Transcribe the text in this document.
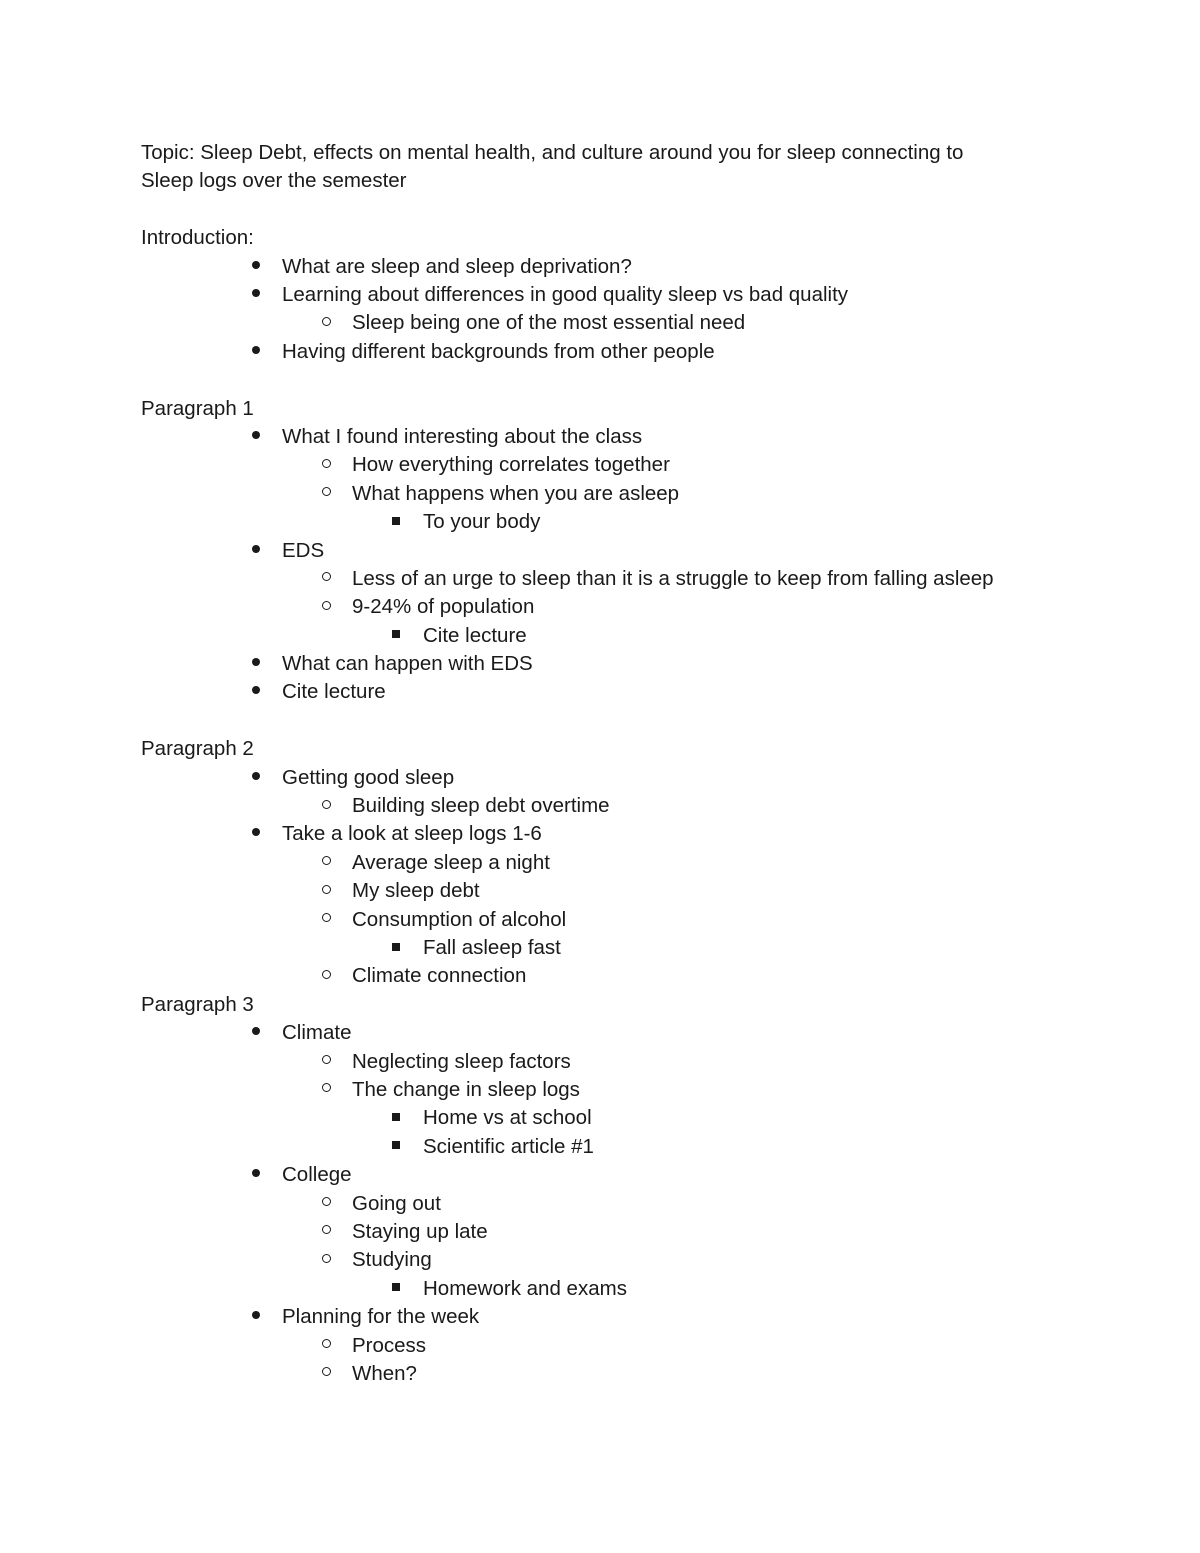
Topic: Sleep Debt, effects on mental health, and culture around you for sleep connecting to

Sleep logs over the semester

Introduction:

What are sleep and sleep deprivation?
Learning about differences in good quality sleep vs bad quality
Sleep being one of the most essential need
Having different backgrounds from other people

Paragraph 1

What I found interesting about the class
How everything correlates together
What happens when you are asleep
To your body
EDS
Less of an urge to sleep than it is a struggle to keep from falling asleep
9-24% of population
Cite lecture
What can happen with EDS
Cite lecture

Paragraph 2

Getting good sleep
Building sleep debt overtime
Take a look at sleep logs 1-6
Average sleep a night
My sleep debt
Consumption of alcohol
Fall asleep fast
Climate connection

Paragraph 3

Climate
Neglecting sleep factors
The change in sleep logs
Home vs at school
Scientific article #1
College
Going out
Staying up late
Studying
Homework and exams
Planning for the week
Process
When?
